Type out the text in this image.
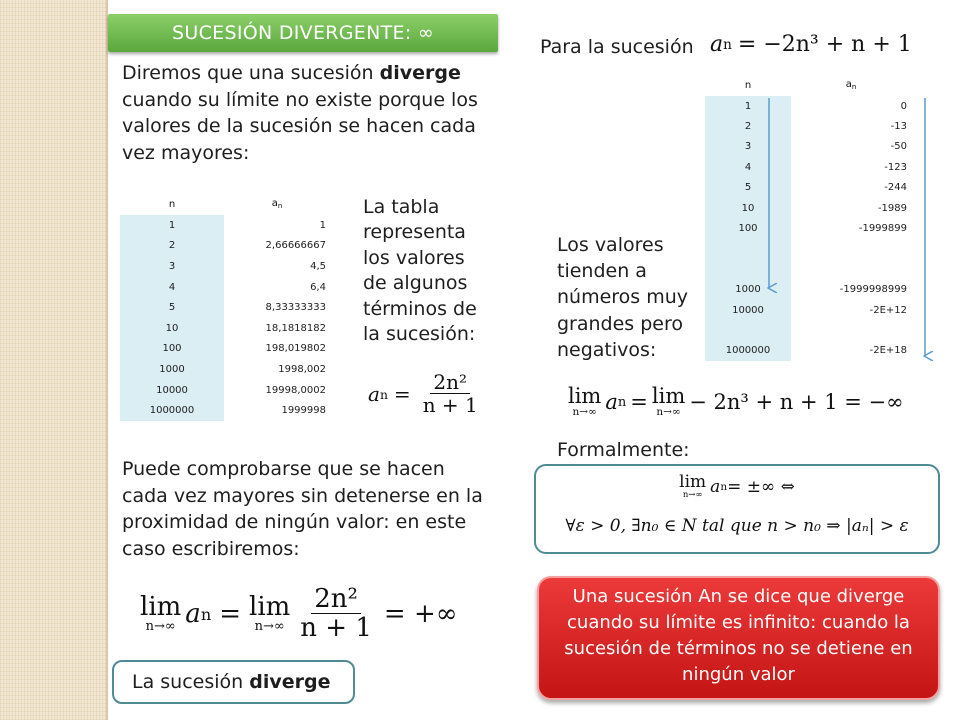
SUCESIÓN DIVERGENTE: ∞
Diremos que una sucesión diverge cuando su límite no existe porque los valores de la sucesión se hacen cada vez mayores:
n	$a_n$
1	1
2	2,66666667
3	4,5
4	6,4
5	8,33333333
10	18,1818182
100	198,019802
1000	1998,002
10000	19998,0002
1000000	1999998
La tabla representa los valores de algunos términos de la sucesión:
a $n = \frac{\text{2n²}}{n + 1}$
Puede comprobarse que se hacen cada vez mayores sin detenerse en la proximidad de ningún valor: en este caso escribiremos:
lim
n→∞ a n = lim
$n\to\infty \frac{\text{2n²}}{n + 1}$ = +∞
La sucesión diverge
Para la sucesión a n = −2n³ + n + 1
n	$a_n$
1	0
2	-13
3	-50
4	-123
5	-244
10	-1989
100	-1999899

1000	-1999998999
10000	-2E+12

1000000	-2E+18
Los valores tienden a números muy grandes pero negativos:
lim
n→∞ a n = lim
n→∞ − 2n³ + n + 1 = −∞
Formalmente:
lim
n→∞ a n = ±∞ ⇔
∀ε > 0, ∃n₀ ∈ N tal que n > n₀ ⇒ |aₙ| > ε
Una sucesión An se dice que diverge cuando su límite es infinito: cuando la sucesión de términos no se detiene en ningún valor
